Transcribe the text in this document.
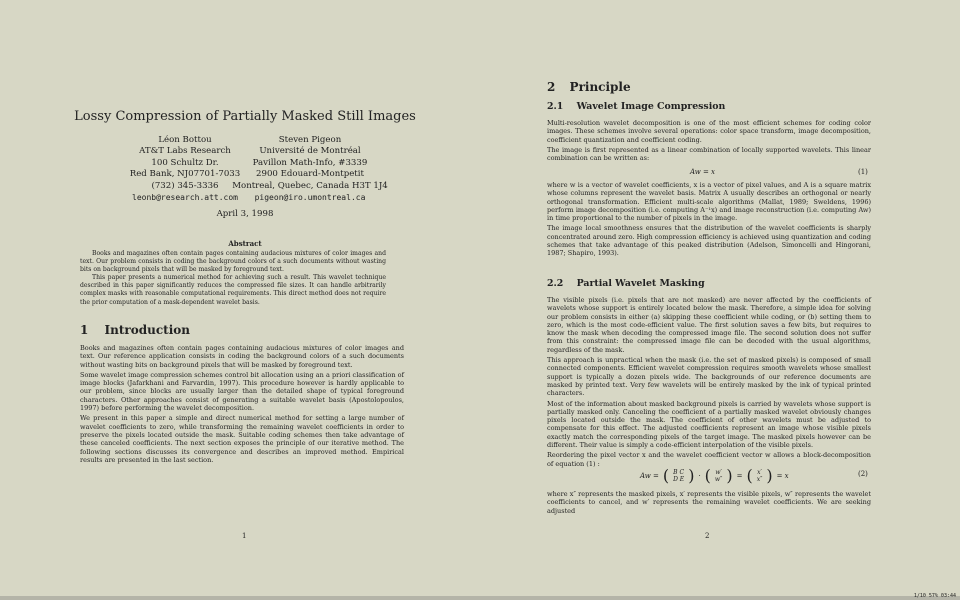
Lossy Compression of Partially Masked Still Images
Léon Bottou
AT&T Labs Research
100 Schultz Dr.
Red Bank, NJ07701-7033
(732) 345-3336
leonb@research.att.com
Steven Pigeon
Université de Montréal
Pavillon Math-Info, #3339
2900 Edouard-Montpetit
Montreal, Quebec, Canada H3T 1J4
pigeon@iro.umontreal.ca
April 3, 1998
Abstract

Books and magazines often contain pages containing audacious mixtures of color images and text. Our problem consists in coding the background colors of a such documents without wasting bits on background pixels that will be masked by foreground text.

This paper presents a numerical method for achieving such a result. This wavelet technique described in this paper significantly reduces the compressed file sizes. It can handle arbitrarily complex masks with reasonable computational requirements. This direct method does not require the prior computation of a mask-dependent wavelet basis.

1 Introduction

Books and magazines often contain pages containing audacious mixtures of color images and text. Our reference application consists in coding the background colors of a such documents without wasting bits on background pixels that will be masked by foreground text.

Some wavelet image compression schemes control bit allocation using an a priori classification of image blocks (Jafarkhani and Farvardin, 1997). This procedure however is hardly applicable to our problem, since blocks are usually larger than the detailed shape of typical foreground characters. Other approaches consist of generating a suitable wavelet basis (Apostolopoulos, 1997) before performing the wavelet decomposition.

We present in this paper a simple and direct numerical method for setting a large number of wavelet coefficients to zero, while transforming the remaining wavelet coefficients in order to preserve the pixels located outside the mask. Suitable coding schemes then take advantage of these canceled coefficients. The next section exposes the principle of our iterative method. The following sections discusses its convergence and describes an improved method. Empirical results are presented in the last section.

1
2 Principle
2.1 Wavelet Image Compression

Multi-resolution wavelet decomposition is one of the most efficient schemes for coding color images. These schemes involve several operations: color space transform, image decomposition, coefficient quantization and coefficient coding.

The image is first represented as a linear combination of locally supported wavelets. This linear combination can be written as:

Aw = x	(1)

where w is a vector of wavelet coefficients, x is a vector of pixel values, and A is a square matrix whose columns represent the wavelet basis. Matrix A usually describes an orthogonal or nearly orthogonal transformation. Efficient multi-scale algorithms (Mallat, 1989; Sweldens, 1996) perform image decomposition (i.e. computing A⁻¹x) and image reconstruction (i.e. computing Aw) in time proportional to the number of pixels in the image.

The image local smoothness ensures that the distribution of the wavelet coefficients is sharply concentrated around zero. High compression efficiency is achieved using quantization and coding schemes that take advantage of this peaked distribution (Adelson, Simoncelli and Hingorani, 1987; Shapiro, 1993).

2.2 Partial Wavelet Masking

The visible pixels (i.e. pixels that are not masked) are never affected by the coefficients of wavelets whose support is entirely located below the mask. Therefore, a simple idea for solving our problem consists in either (a) skipping these coefficient while coding, or (b) setting them to zero, which is the most code-efficient value. The first solution saves a few bits, but requires to know the mask when decoding the compressed image file. The second solution does not suffer from this constraint: the compressed image file can be decoded with the usual algorithms, regardless of the mask.

This approach is unpractical when the mask (i.e. the set of masked pixels) is composed of small connected components. Efficient wavelet compression requires smooth wavelets whose smallest support is typically a dozen pixels wide. The backgrounds of our reference documents are masked by printed text. Very few wavelets will be entirely masked by the ink of typical printed characters.

Most of the information about masked background pixels is carried by wavelets whose support is partially masked only. Canceling the coefficient of a partially masked wavelet obviously changes pixels located outside the mask. The coefficient of other wavelets must be adjusted to compensate for this effect. The adjusted coefficients represent an image whose visible pixels exactly match the corresponding pixels of the target image. The masked pixels however can be different. Their value is simply a code-efficient interpolation of the visible pixels.

Reordering the pixel vector x and the wavelet coefficient vector w allows a block-decomposition of equation (1) :

Aw = ( B C
D E ) · ( w′
w″ ) = ( x′
x″ ) = x	(2)

where x″ represents the masked pixels, x′ represents the visible pixels, w″ represents the wavelet coefficients to cancel, and w′ represents the remaining wavelet coefficients. We are seeking adjusted

2
1/10 57% 03:44
